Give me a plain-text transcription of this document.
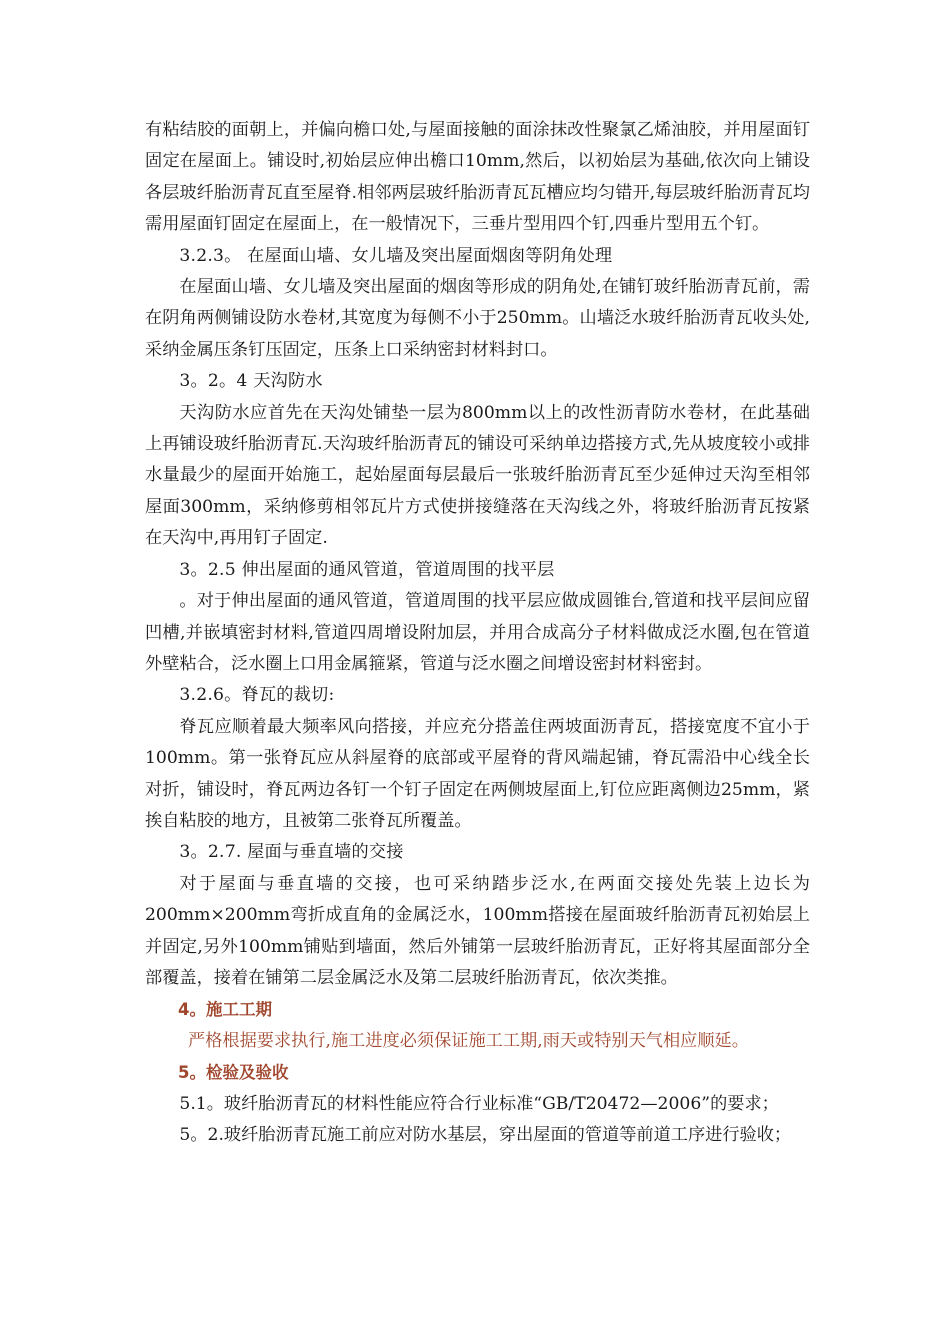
有粘结胶的面朝上，并偏向檐口处,与屋面接触的面涂抹改性聚氯乙烯油胶，并用屋面钉固定在屋面上。铺设时,初始层应伸出檐口10mm,然后，以初始层为基础,依次向上铺设各层玻纤胎沥青瓦直至屋脊.相邻两层玻纤胎沥青瓦瓦槽应均匀错开,每层玻纤胎沥青瓦均需用屋面钉固定在屋面上，在一般情况下，三垂片型用四个钉,四垂片型用五个钉。

3.2.3。 在屋面山墙、女儿墙及突出屋面烟囱等阴角处理

在屋面山墙、女儿墙及突出屋面的烟囱等形成的阴角处,在铺钉玻纤胎沥青瓦前，需在阴角两侧铺设防水卷材,其宽度为每侧不小于250mm。山墙泛水玻纤胎沥青瓦收头处,采纳金属压条钉压固定，压条上口采纳密封材料封口。

3。2。4 天沟防水

天沟防水应首先在天沟处铺垫一层为800mm以上的改性沥青防水卷材，在此基础上再铺设玻纤胎沥青瓦.天沟玻纤胎沥青瓦的铺设可采纳单边搭接方式,先从坡度较小或排水量最少的屋面开始施工，起始屋面每层最后一张玻纤胎沥青瓦至少延伸过天沟至相邻屋面300mm，采纳修剪相邻瓦片方式使拼接缝落在天沟线之外，将玻纤胎沥青瓦按紧在天沟中,再用钉子固定.

3。2.5 伸出屋面的通风管道，管道周围的找平层

。对于伸出屋面的通风管道，管道周围的找平层应做成圆锥台,管道和找平层间应留凹槽,并嵌填密封材料,管道四周增设附加层，并用合成高分子材料做成泛水圈,包在管道外壁粘合，泛水圈上口用金属箍紧，管道与泛水圈之间增设密封材料密封。

3.2.6。脊瓦的裁切:

脊瓦应顺着最大频率风向搭接，并应充分搭盖住两坡面沥青瓦，搭接宽度不宜小于100mm。第一张脊瓦应从斜屋脊的底部或平屋脊的背风端起铺，脊瓦需沿中心线全长对折，铺设时，脊瓦两边各钉一个钉子固定在两侧坡屋面上,钉位应距离侧边25mm，紧挨自粘胶的地方，且被第二张脊瓦所覆盖。

3。2.7. 屋面与垂直墙的交接

对于屋面与垂直墙的交接，也可采纳踏步泛水,在两面交接处先装上边长为200mm×200mm弯折成直角的金属泛水，100mm搭接在屋面玻纤胎沥青瓦初始层上并固定,另外100mm铺贴到墙面，然后外铺第一层玻纤胎沥青瓦，正好将其屋面部分全部覆盖，接着在铺第二层金属泛水及第二层玻纤胎沥青瓦，依次类推。

4。施工工期

严格根据要求执行,施工进度必须保证施工工期,雨天或特别天气相应顺延。

5。检验及验收

5.1。玻纤胎沥青瓦的材料性能应符合行业标准“GB/T20472—2006”的要求；

5。2.玻纤胎沥青瓦施工前应对防水基层，穿出屋面的管道等前道工序进行验收；
